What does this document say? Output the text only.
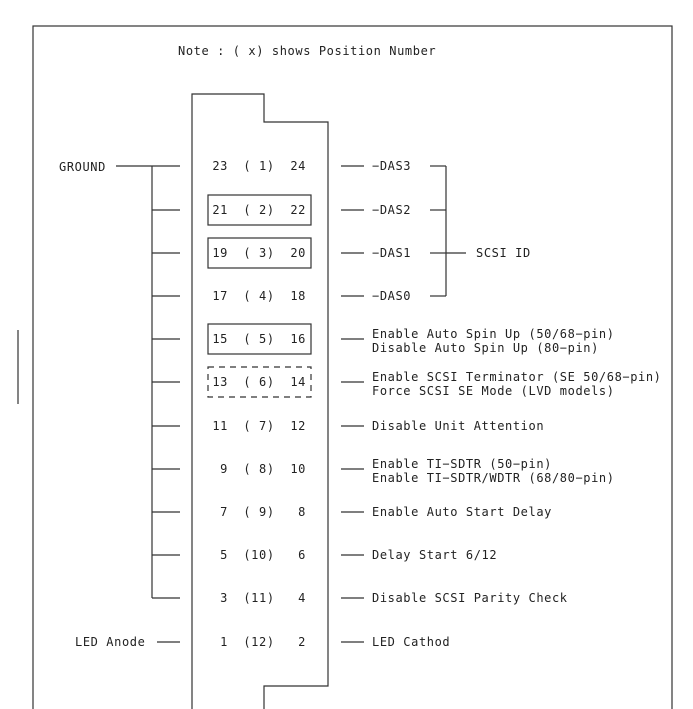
Note : ( x) shows Position Number
GROUND
LED Anode
SCSI ID
23 ( 1) 24	−DAS3
21 ( 2) 22	−DAS2
19 ( 3) 20	−DAS1
17 ( 4) 18	−DAS0
15 ( 5) 16	Enable Auto Spin Up (50/68−pin)
Disable Auto Spin Up (80−pin)
13 ( 6) 14	Enable SCSI Terminator (SE 50/68−pin)
Force SCSI SE Mode (LVD models)
11 ( 7) 12	Disable Unit Attention
9 ( 8) 10	Enable TI−SDTR (50−pin)
Enable TI−SDTR/WDTR (68/80−pin)
7 ( 9) 8	Enable Auto Start Delay
5 (10) 6	Delay Start 6/12
3 (11) 4	Disable SCSI Parity Check
1 (12) 2	LED Cathod
